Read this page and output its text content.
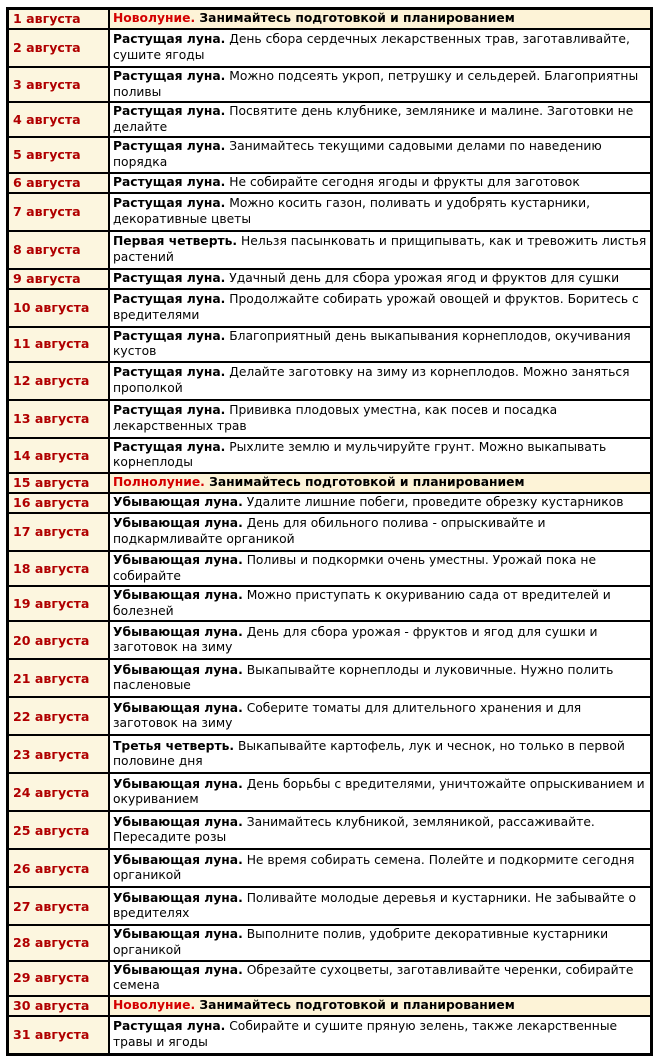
1 августа	Новолуние. Занимайтесь подготовкой и планированием
2 августа	Растущая луна. День сбора сердечных лекарственных трав, заготавливайте, сушите ягоды
3 августа	Растущая луна. Можно подсеять укроп, петрушку и сельдерей. Благоприятны поливы
4 августа	Растущая луна. Посвятите день клубнике, землянике и малине. Заготовки не делайте
5 августа	Растущая луна. Занимайтесь текущими садовыми делами по наведению порядка
6 августа	Растущая луна. Не собирайте сегодня ягоды и фрукты для заготовок
7 августа	Растущая луна. Можно косить газон, поливать и удобрять кустарники, декоративные цветы
8 августа	Первая четверть. Нельзя пасынковать и прищипывать, как и тревожить листья растений
9 августа	Растущая луна. Удачный день для сбора урожая ягод и фруктов для сушки
10 августа	Растущая луна. Продолжайте собирать урожай овощей и фруктов. Боритесь с вредителями
11 августа	Растущая луна. Благоприятный день выкапывания корнеплодов, окучивания кустов
12 августа	Растущая луна. Делайте заготовку на зиму из корнеплодов. Можно заняться прополкой
13 августа	Растущая луна. Прививка плодовых уместна, как посев и посадка лекарственных трав
14 августа	Растущая луна. Рыхлите землю и мульчируйте грунт. Можно выкапывать корнеплоды
15 августа	Полнолуние. Занимайтесь подготовкой и планированием
16 августа	Убывающая луна. Удалите лишние побеги, проведите обрезку кустарников
17 августа	Убывающая луна. День для обильного полива - опрыскивайте и подкармливайте органикой
18 августа	Убывающая луна. Поливы и подкормки очень уместны. Урожай пока не собирайте
19 августа	Убывающая луна. Можно приступать к окуриванию сада от вредителей и болезней
20 августа	Убывающая луна. День для сбора урожая - фруктов и ягод для сушки и заготовок на зиму
21 августа	Убывающая луна. Выкапывайте корнеплоды и луковичные. Нужно полить пасленовые
22 августа	Убывающая луна. Соберите томаты для длительного хранения и для заготовок на зиму
23 августа	Третья четверть. Выкапывайте картофель, лук и чеснок, но только в первой половине дня
24 августа	Убывающая луна. День борьбы с вредителями, уничтожайте опрыскиванием и окуриванием
25 августа	Убывающая луна. Занимайтесь клубникой, земляникой, рассаживайте. Пересадите розы
26 августа	Убывающая луна. Не время собирать семена. Полейте и подкормите сегодня органикой
27 августа	Убывающая луна. Поливайте молодые деревья и кустарники. Не забывайте о вредителях
28 августа	Убывающая луна. Выполните полив, удобрите декоративные кустарники органикой
29 августа	Убывающая луна. Обрезайте сухоцветы, заготавливайте черенки, собирайте семена
30 августа	Новолуние. Занимайтесь подготовкой и планированием
31 августа	Растущая луна. Собирайте и сушите пряную зелень, также лекарственные травы и ягоды
